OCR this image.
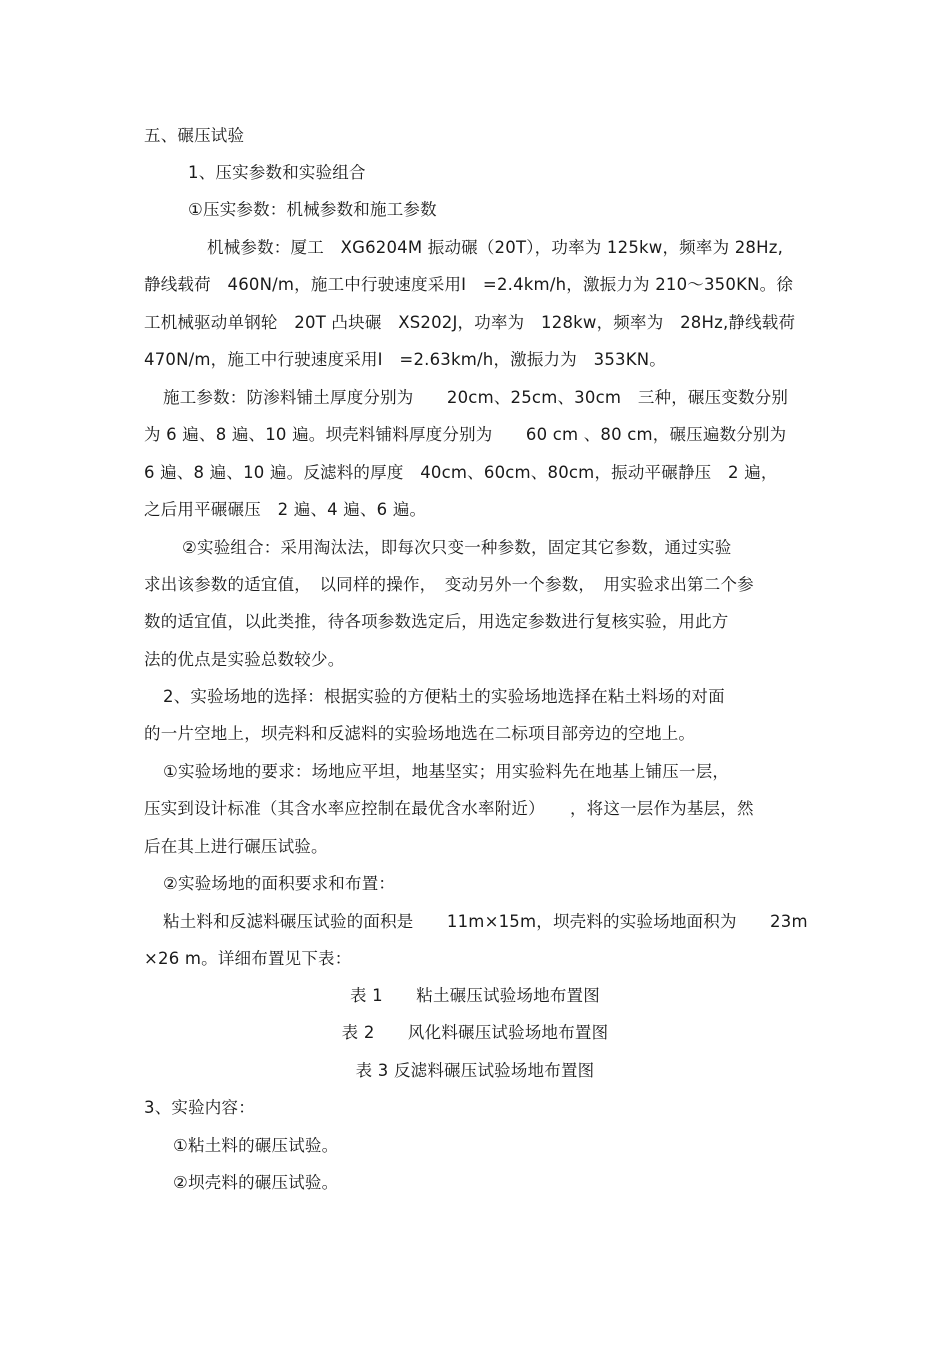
五、碾压试验
1、压实参数和实验组合
①压实参数：机械参数和施工参数
机械参数：厦工　XG6204M 振动碾（20T），功率为 125kw，频率为 28Hz,
静线载荷　460N/m，施工中行驶速度采用Ⅰ　=2.4km/h，激振力为 210～350KN。徐
工机械驱动单钢轮　20T 凸块碾　XS202J，功率为　128kw，频率为　28Hz,静线载荷
470N/m，施工中行驶速度采用Ⅰ　=2.63km/h，激振力为　353KN。
施工参数：防渗料铺土厚度分别为　　20cm、25cm、30cm　三种，碾压变数分别
为 6 遍、8 遍、10 遍。坝壳料铺料厚度分别为　　60 cm 、80 cm，碾压遍数分别为
6 遍、8 遍、10 遍。反滤料的厚度　40cm、60cm、80cm，振动平碾静压　2 遍，
之后用平碾碾压　2 遍、4 遍、6 遍。
②实验组合：采用淘汰法，即每次只变一种参数，固定其它参数，通过实验
求出该参数的适宜值，　以同样的操作，　变动另外一个参数，　用实验求出第二个参
数的适宜值，以此类推，待各项参数选定后，用选定参数进行复核实验，用此方
法的优点是实验总数较少。
2、实验场地的选择：根据实验的方便粘土的实验场地选择在粘土料场的对面
的一片空地上，坝壳料和反滤料的实验场地选在二标项目部旁边的空地上。
①实验场地的要求：场地应平坦，地基坚实；用实验料先在地基上铺压一层，
压实到设计标准（其含水率应控制在最优含水率附近）　　，将这一层作为基层，然
后在其上进行碾压试验。
②实验场地的面积要求和布置：
粘土料和反滤料碾压试验的面积是　　11m×15m，坝壳料的实验场地面积为　　23m
×26 m。详细布置见下表：
表 1　　粘土碾压试验场地布置图
表 2　　风化料碾压试验场地布置图
表 3 反滤料碾压试验场地布置图
3、实验内容：
①粘土料的碾压试验。
②坝壳料的碾压试验。
